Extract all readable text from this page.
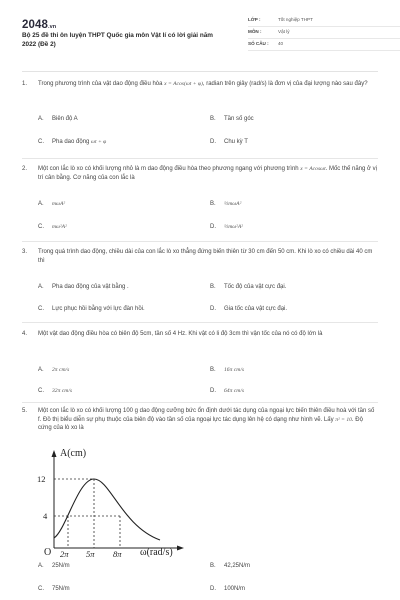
2048.vn
Bộ 25 đề thi ôn luyện THPT Quốc gia môn Vật lí có lời giải năm 2022 (Đề 2)
LỚP :	Tốt nghiệp THPT
MÔN :	Vật lý
SỐ CÂU :	40
1. Trong phương trình của vật dao động điều hòa x = Acos(ωt + φ), radian trên giây (rad/s) là đơn vị của đại lượng nào sau đây?
A. Biên độ A	B. Tần số góc
C. Pha dao động ωt + φ	D. Chu kỳ T
2. Một con lắc lò xo có khối lượng nhỏ là m dao động điều hòa theo phương ngang với phương trình x = Acosωt. Mốc thế năng ở vị trí cân bằng. Cơ năng của con lắc là
A. mωA²	B. ½mωA²
C. mω²A²	D. ½mω²A²
3. Trong quá trình dao động, chiều dài của con lắc lò xo thẳng đứng biến thiên từ 30 cm đến 50 cm. Khi lò xo có chiều dài 40 cm thì
A. Pha dao động của vật bằng .	B. Tốc độ của vật cực đại.
C. Lực phục hồi bằng với lực đàn hồi.	D. Gia tốc của vật cực đại.
4. Một vật dao động điều hòa có biên độ 5cm, tần số 4 Hz. Khi vật có li độ 3cm thì vận tốc của nó có độ lớn là
A. 2π cm/s	B. 16π cm/s
C. 32π cm/s	D. 64π cm/s
5. Một con lắc lò xo có khối lượng 100 g dao động cưỡng bức ổn định dưới tác dụng của ngoại lực biến thiên điều hoà với tần số f. Đồ thị biểu diễn sự phụ thuộc của biên độ vào tần số của ngoại lực tác dụng lên hệ có dạng như hình vẽ. Lấy π² = 10. Độ cứng của lò xo là
A(cm)
ω(rad/s)
O
12
4
2π 5π 8π
A. 25N/m	B. 42,25N/m
C. 75N/m	D. 100N/m
